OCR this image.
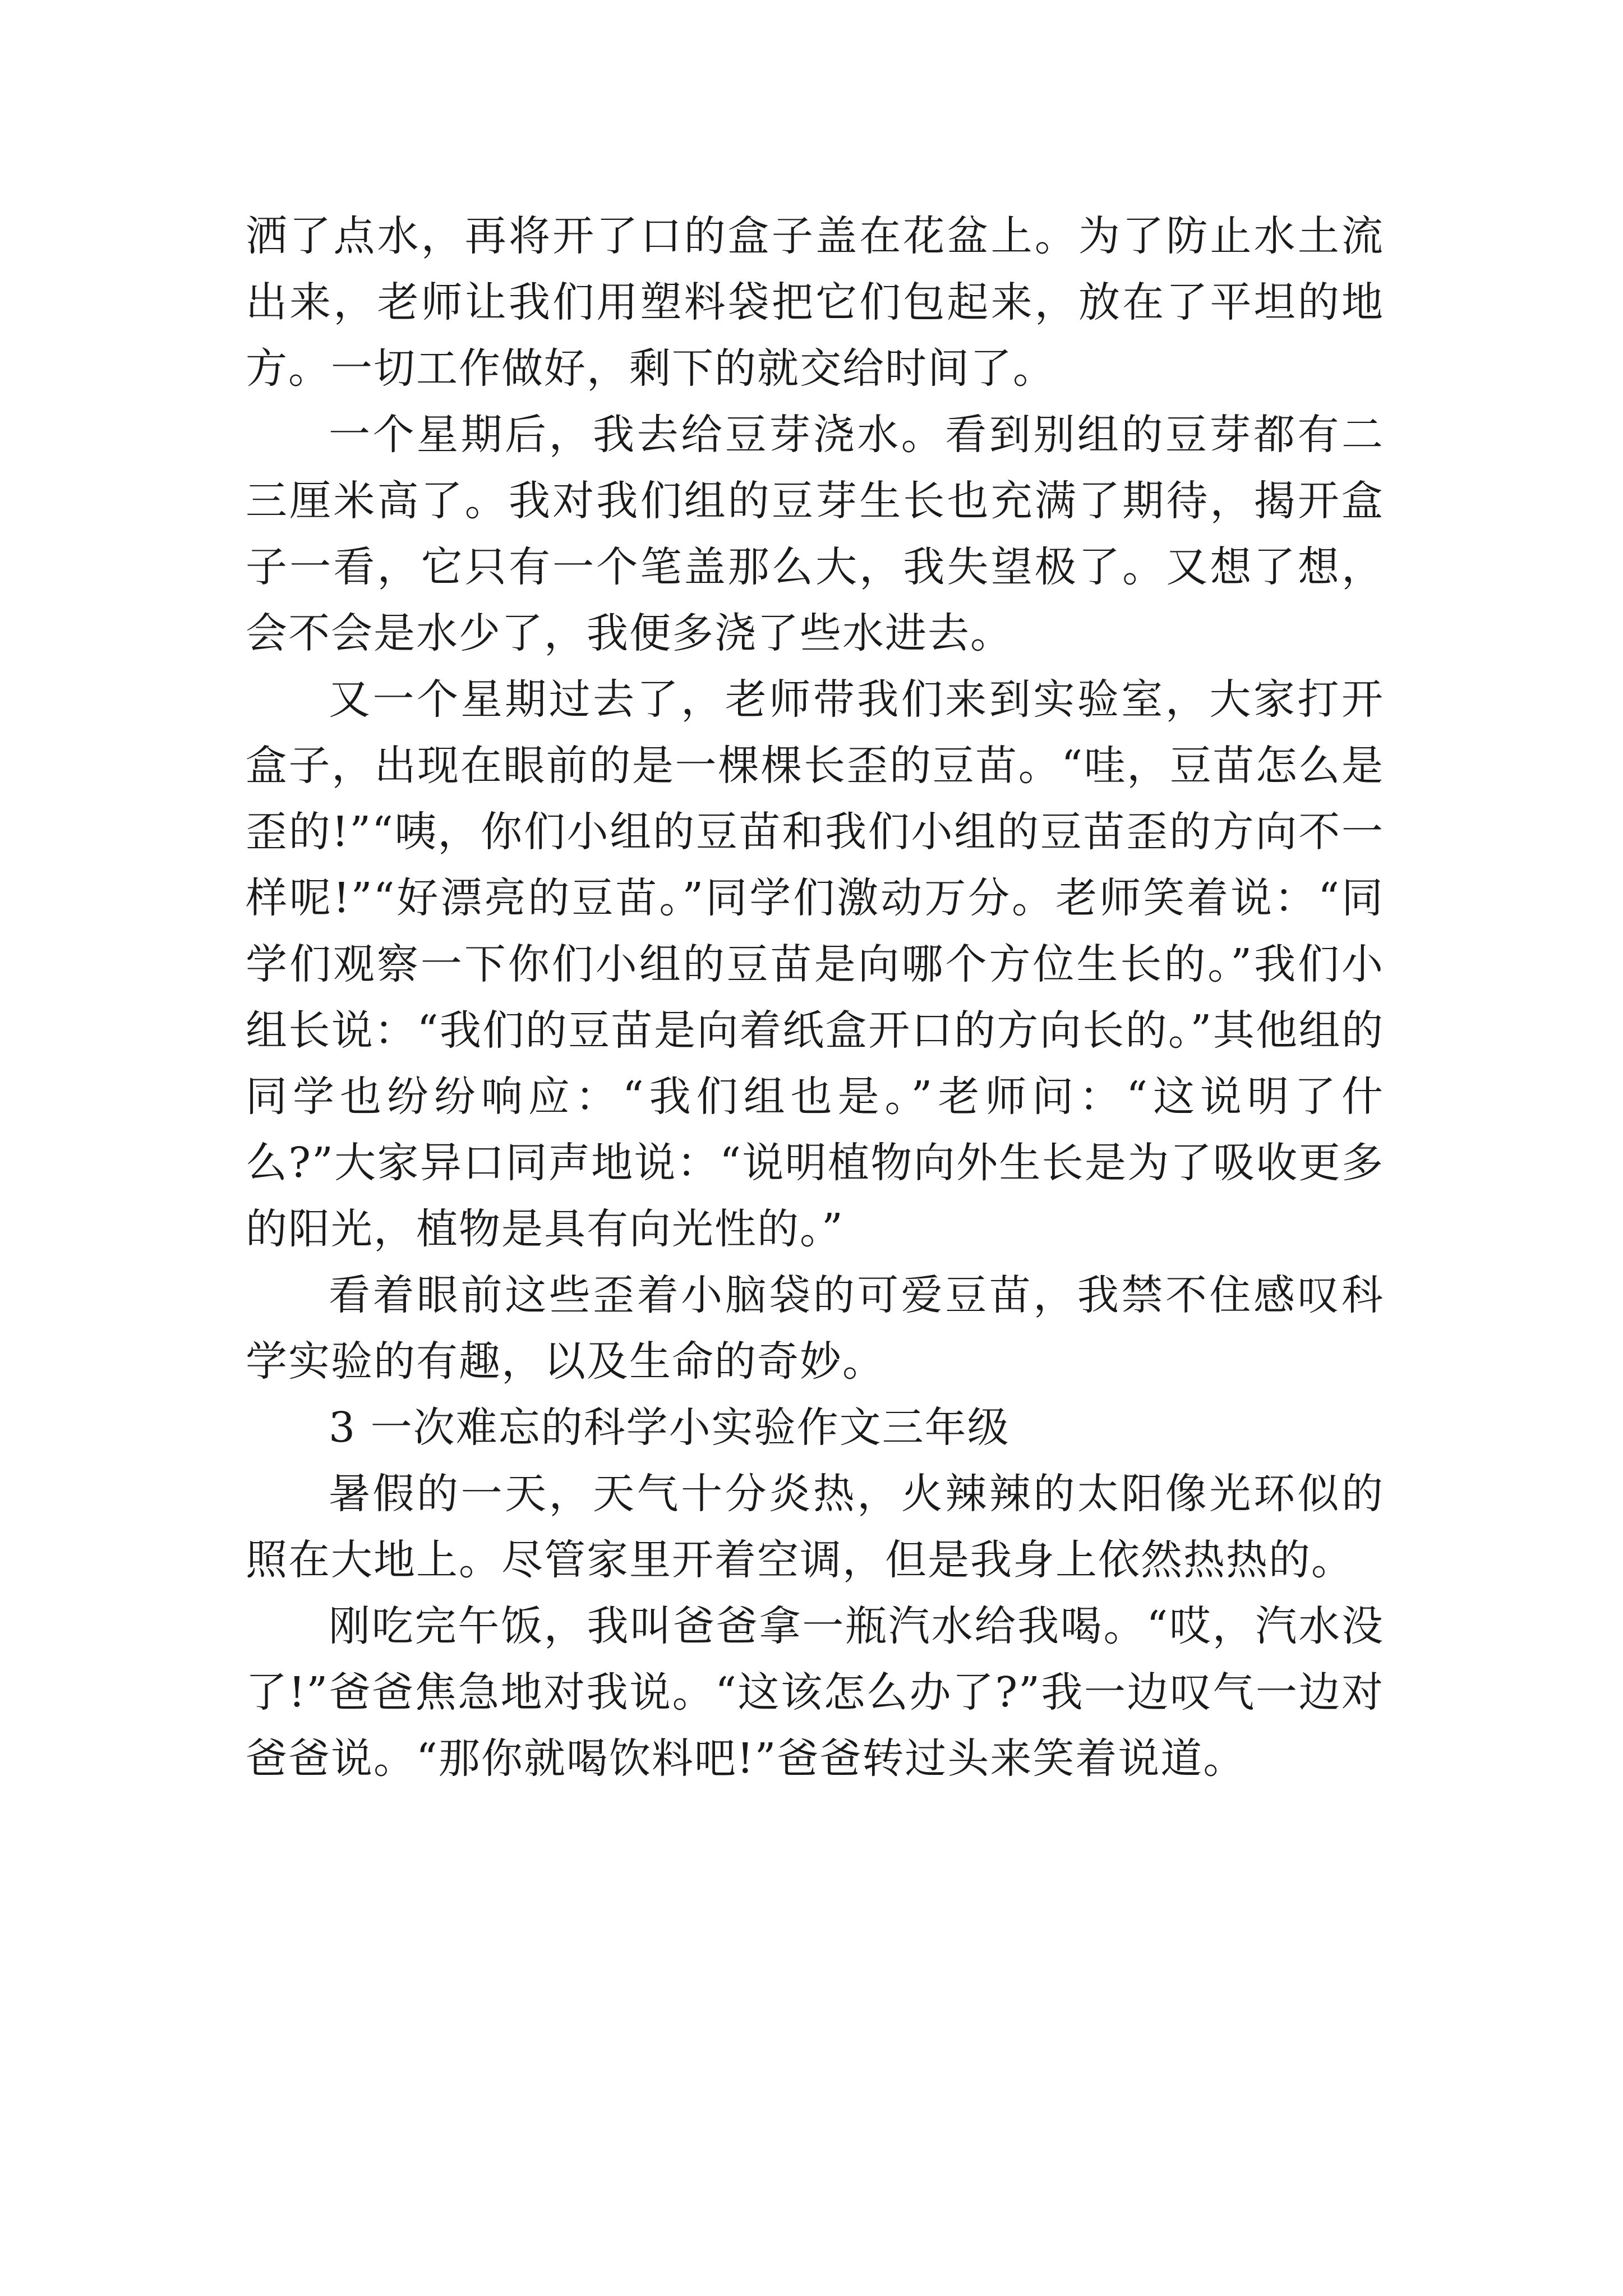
洒了点水，再将开了口的盒子盖在花盆上。为了防止水土流出来，老师让我们用塑料袋把它们包起来，放在了平坦的地方。一切工作做好，剩下的就交给时间了。

一个星期后，我去给豆芽浇水。看到别组的豆芽都有二三厘米高了。我对我们组的豆芽生长也充满了期待，揭开盒子一看，它只有一个笔盖那么大，我失望极了。又想了想，会不会是水少了，我便多浇了些水进去。

又一个星期过去了，老师带我们来到实验室，大家打开盒子，出现在眼前的是一棵棵长歪的豆苗。“哇，豆苗怎么是歪的!”“咦，你们小组的豆苗和我们小组的豆苗歪的方向不一样呢!”“好漂亮的豆苗。”同学们激动万分。老师笑着说：“同学们观察一下你们小组的豆苗是向哪个方位生长的。”我们小组长说：“我们的豆苗是向着纸盒开口的方向长的。”其他组的同学也纷纷响应：“我们组也是。”老师问：“这说明了什么?”大家异口同声地说：“说明植物向外生长是为了吸收更多的阳光，植物是具有向光性的。”

看着眼前这些歪着小脑袋的可爱豆苗，我禁不住感叹科学实验的有趣，以及生命的奇妙。

3 一次难忘的科学小实验作文三年级

暑假的一天，天气十分炎热，火辣辣的太阳像光环似的照在大地上。尽管家里开着空调，但是我身上依然热热的。

刚吃完午饭，我叫爸爸拿一瓶汽水给我喝。“哎，汽水没了!”爸爸焦急地对我说。“这该怎么办了?”我一边叹气一边对爸爸说。“那你就喝饮料吧!”爸爸转过头来笑着说道。
